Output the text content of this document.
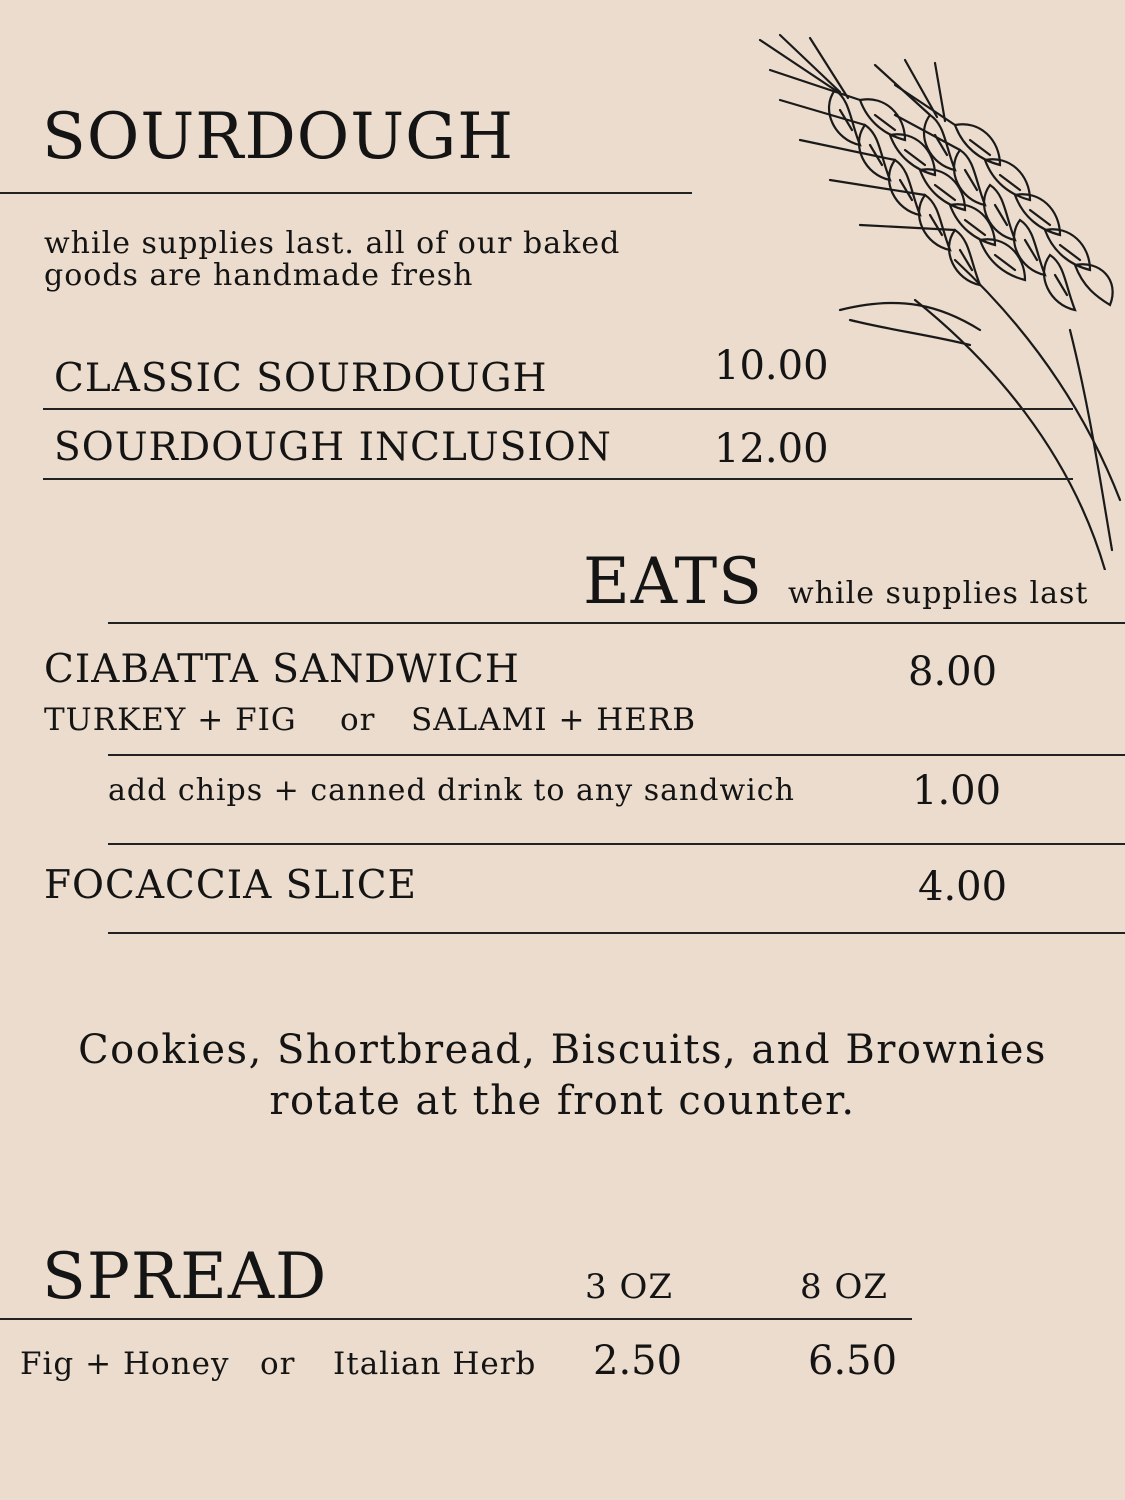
SOURDOUGH
while supplies last. all of our baked
goods are handmade fresh
CLASSIC SOURDOUGH	10.00
SOURDOUGH INCLUSION	12.00
EATS while supplies last
CIABATTA SANDWICH	8.00
TURKEY + FIG or SALAMI + HERB
add chips + canned drink to any sandwich	1.00
FOCACCIA SLICE	4.00
Cookies, Shortbread, Biscuits, and Brownies
rotate at the front counter.
SPREAD	3 OZ	8 OZ
Fig + Honey or Italian Herb 2.50	6.50
